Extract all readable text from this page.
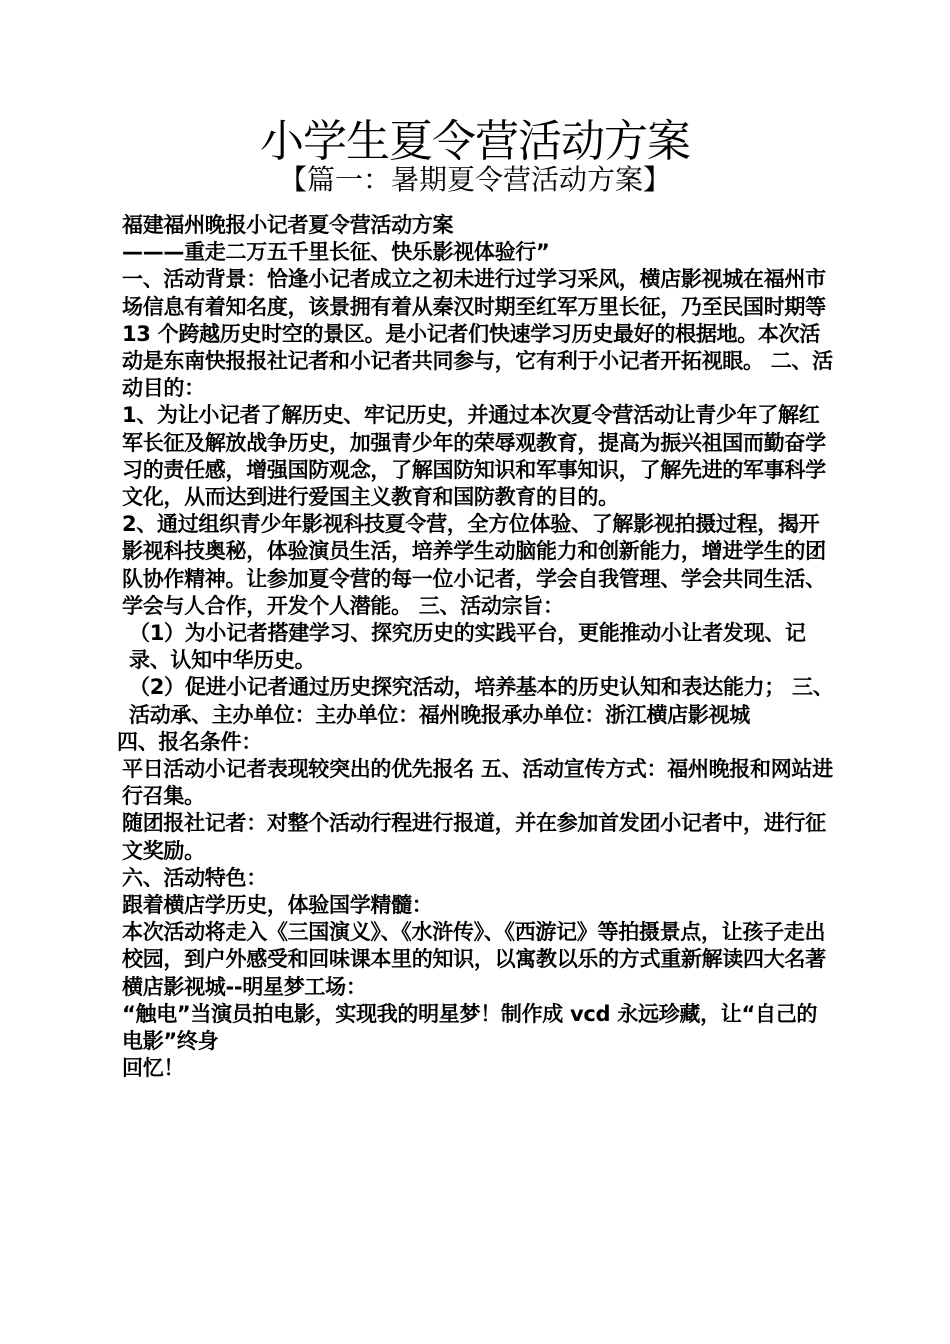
小学生夏令营活动方案
【篇一：暑期夏令营活动方案】

福建福州晚报小记者夏令营活动方案

———重走二万五千里长征、快乐影视体验行”

一、活动背景：恰逢小记者成立之初未进行过学习采风，横店影视城在福州市场信息有着知名度，该景拥有着从秦汉时期至红军万里长征，乃至民国时期等 13 个跨越历史时空的景区。是小记者们快速学习历史最好的根据地。本次活动是东南快报报社记者和小记者共同参与，它有利于小记者开拓视眼。 二、活动目的：

1、为让小记者了解历史、牢记历史，并通过本次夏令营活动让青少年了解红军长征及解放战争历史，加强青少年的荣辱观教育，提高为振兴祖国而勤奋学习的责任感，增强国防观念，了解国防知识和军事知识，了解先进的军事科学文化，从而达到进行爱国主义教育和国防教育的目的。

2、通过组织青少年影视科技夏令营，全方位体验、了解影视拍摄过程，揭开影视科技奥秘，体验演员生活，培养学生动脑能力和创新能力，增进学生的团队协作精神。让参加夏令营的每一位小记者，学会自我管理、学会共同生活、学会与人合作，开发个人潜能。 三、活动宗旨：

（1）为小记者搭建学习、探究历史的实践平台，更能推动小让者发现、记录、认知中华历史。

（2）促进小记者通过历史探究活动，培养基本的历史认知和表达能力； 三、活动承、主办单位：主办单位：福州晚报承办单位：浙江横店影视城

四、报名条件：

平日活动小记者表现较突出的优先报名 五、活动宣传方式：福州晚报和网站进行召集。

随团报社记者：对整个活动行程进行报道，并在参加首发团小记者中，进行征文奖励。

六、活动特色：

跟着横店学历史，体验国学精髓：

本次活动将走入《三国演义》、《水浒传》、《西游记》等拍摄景点，让孩子走出校园，到户外感受和回味课本里的知识，以寓教以乐的方式重新解读四大名著

横店影视城--明星梦工场：

“触电”当演员拍电影，实现我的明星梦！制作成 vcd 永远珍藏，让“自己的电影”终身

回忆！
